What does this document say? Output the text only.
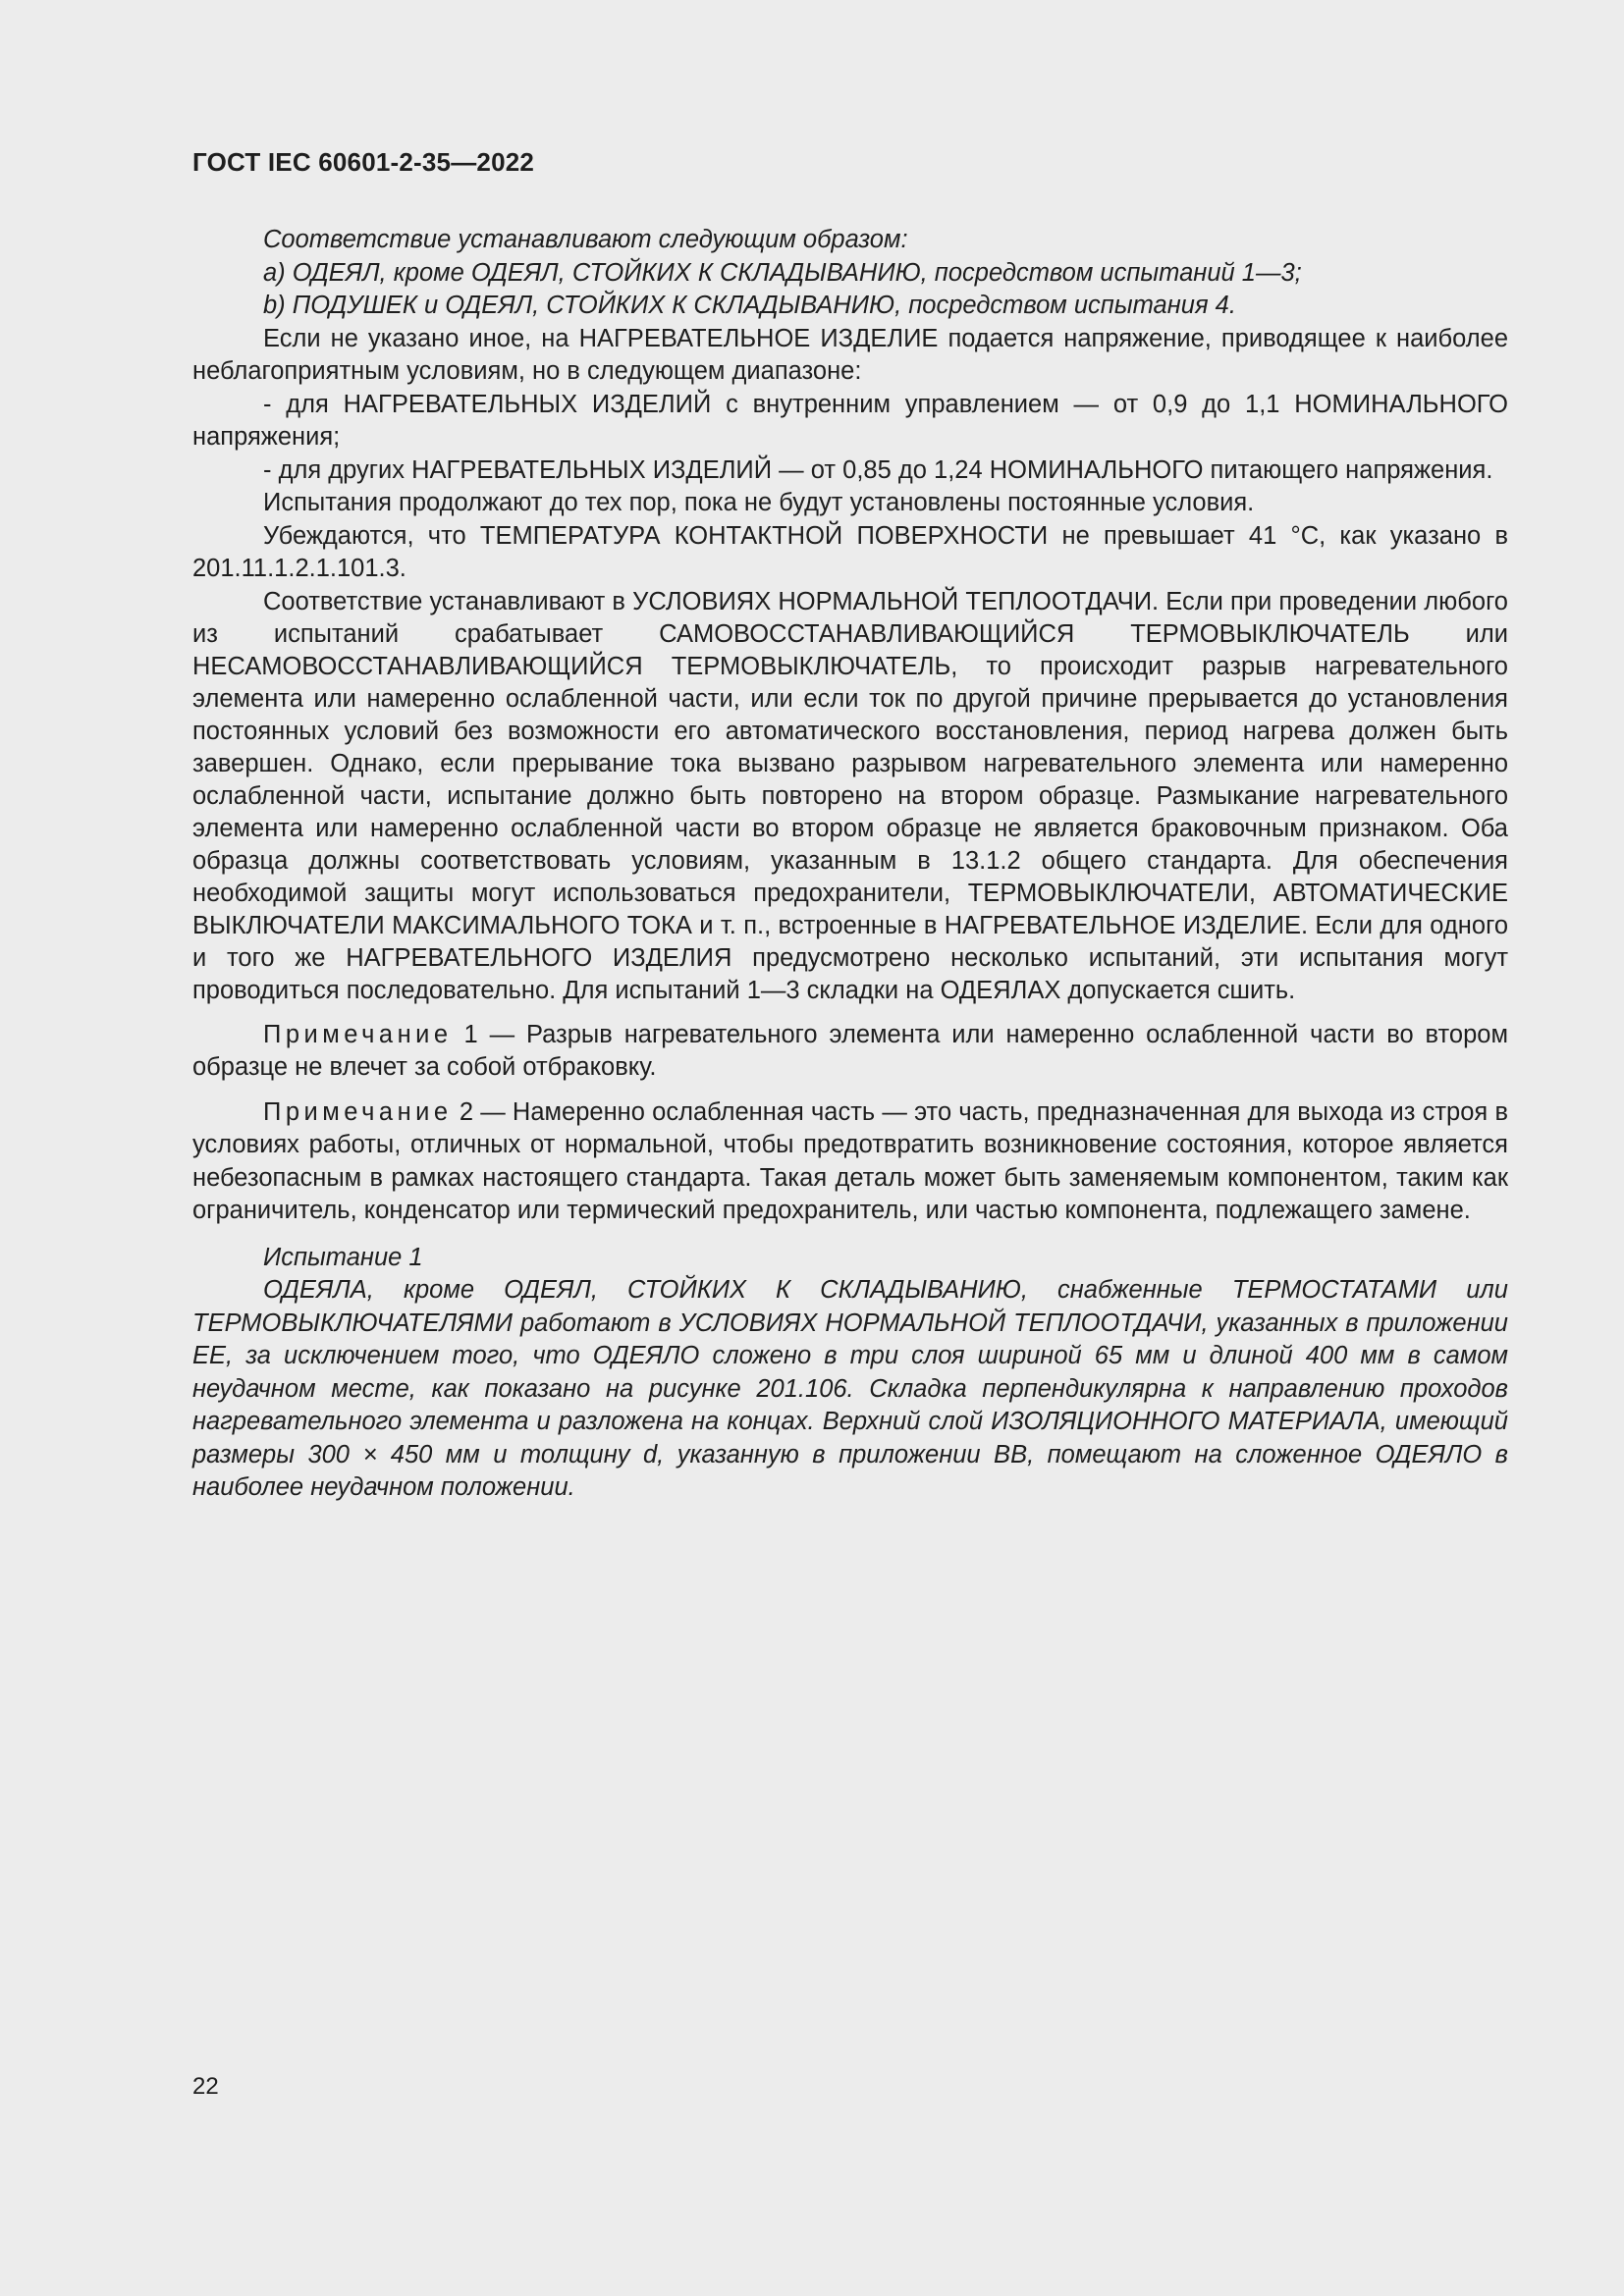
ГОСТ IEC 60601-2-35—2022

Соответствие устанавливают следующим образом:

a) ОДЕЯЛ, кроме ОДЕЯЛ, СТОЙКИХ К СКЛАДЫВАНИЮ, посредством испытаний 1—3;

b) ПОДУШЕК и ОДЕЯЛ, СТОЙКИХ К СКЛАДЫВАНИЮ, посредством испытания 4.

Если не указано иное, на НАГРЕВАТЕЛЬНОЕ ИЗДЕЛИЕ подается напряжение, приводящее к наиболее неблагоприятным условиям, но в следующем диапазоне:

- для НАГРЕВАТЕЛЬНЫХ ИЗДЕЛИЙ с внутренним управлением — от 0,9 до 1,1 НОМИНАЛЬНОГО напряжения;

- для других НАГРЕВАТЕЛЬНЫХ ИЗДЕЛИЙ — от 0,85 до 1,24 НОМИНАЛЬНОГО питающего напряжения.

Испытания продолжают до тех пор, пока не будут установлены постоянные условия.

Убеждаются, что ТЕМПЕРАТУРА КОНТАКТНОЙ ПОВЕРХНОСТИ не превышает 41 °С, как указано в 201.11.1.2.1.101.3.

Соответствие устанавливают в УСЛОВИЯХ НОРМАЛЬНОЙ ТЕПЛООТДАЧИ. Если при проведении любого из испытаний срабатывает САМОВОССТАНАВЛИВАЮЩИЙСЯ ТЕРМОВЫКЛЮЧАТЕЛЬ или НЕСАМОВОССТАНАВЛИВАЮЩИЙСЯ ТЕРМОВЫКЛЮЧАТЕЛЬ, то происходит разрыв нагревательного элемента или намеренно ослабленной части, или если ток по другой причине прерывается до установления постоянных условий без возможности его автоматического восстановления, период нагрева должен быть завершен. Однако, если прерывание тока вызвано разрывом нагревательного элемента или намеренно ослабленной части, испытание должно быть повторено на втором образце. Размыкание нагревательного элемента или намеренно ослабленной части во втором образце не является браковочным признаком. Оба образца должны соответствовать условиям, указанным в 13.1.2 общего стандарта. Для обеспечения необходимой защиты могут использоваться предохранители, ТЕРМОВЫКЛЮЧАТЕЛИ, АВТОМАТИЧЕСКИЕ ВЫКЛЮЧАТЕЛИ МАКСИМАЛЬНОГО ТОКА и т. п., встроенные в НАГРЕВАТЕЛЬНОЕ ИЗДЕЛИЕ. Если для одного и того же НАГРЕВАТЕЛЬНОГО ИЗДЕЛИЯ предусмотрено несколько испытаний, эти испытания могут проводиться последовательно. Для испытаний 1—3 складки на ОДЕЯЛАХ допускается сшить.

Примечание 1 — Разрыв нагревательного элемента или намеренно ослабленной части во втором образце не влечет за собой отбраковку.

Примечание 2 — Намеренно ослабленная часть — это часть, предназначенная для выхода из строя в условиях работы, отличных от нормальной, чтобы предотвратить возникновение состояния, которое является небезопасным в рамках настоящего стандарта. Такая деталь может быть заменяемым компонентом, таким как ограничитель, конденсатор или термический предохранитель, или частью компонента, подлежащего замене.

Испытание 1

ОДЕЯЛА, кроме ОДЕЯЛ, СТОЙКИХ К СКЛАДЫВАНИЮ, снабженные ТЕРМОСТАТАМИ или ТЕРМОВЫКЛЮЧАТЕЛЯМИ работают в УСЛОВИЯХ НОРМАЛЬНОЙ ТЕПЛООТДАЧИ, указанных в приложении ЕЕ, за исключением того, что ОДЕЯЛО сложено в три слоя шириной 65 мм и длиной 400 мм в самом неудачном месте, как показано на рисунке 201.106. Складка перпендикулярна к направлению проходов нагревательного элемента и разложена на концах. Верхний слой ИЗОЛЯЦИОННОГО МАТЕРИАЛА, имеющий размеры 300 × 450 мм и толщину d, указанную в приложении ВВ, помещают на сложенное ОДЕЯЛО в наиболее неудачном положении.

22
